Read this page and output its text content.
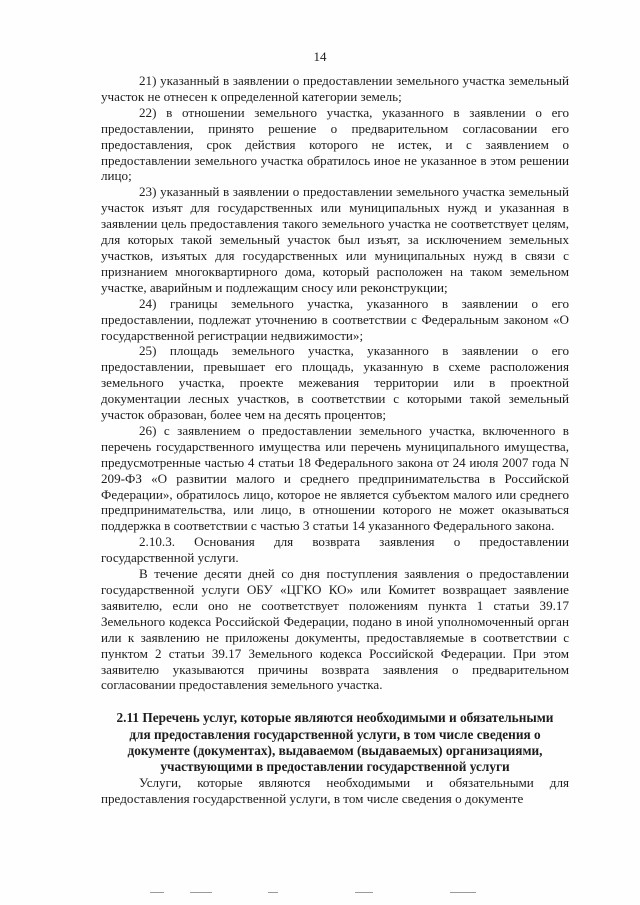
14

21) указанный в заявлении о предоставлении земельного участка земельный участок не отнесен к определенной категории земель;

22) в отношении земельного участка, указанного в заявлении о его предоставлении, принято решение о предварительном согласовании его предоставления, срок действия которого не истек, и с заявлением о предоставлении земельного участка обратилось иное не указанное в этом решении лицо;

23) указанный в заявлении о предоставлении земельного участка земельный участок изъят для государственных или муниципальных нужд и указанная в заявлении цель предоставления такого земельного участка не соответствует целям, для которых такой земельный участок был изъят, за исключением земельных участков, изъятых для государственных или муниципальных нужд в связи с признанием многоквартирного дома, который расположен на таком земельном участке, аварийным и подлежащим сносу или реконструкции;

24) границы земельного участка, указанного в заявлении о его предоставлении, подлежат уточнению в соответствии с Федеральным законом «О государственной регистрации недвижимости»;

25) площадь земельного участка, указанного в заявлении о его предоставлении, превышает его площадь, указанную в схеме расположения земельного участка, проекте межевания территории или в проектной документации лесных участков, в соответствии с которыми такой земельный участок образован, более чем на десять процентов;

26) с заявлением о предоставлении земельного участка, включенного в перечень государственного имущества или перечень муниципального имущества, предусмотренные частью 4 статьи 18 Федерального закона от 24 июля 2007 года N 209-ФЗ «О развитии малого и среднего предпринимательства в Российской Федерации», обратилось лицо, которое не является субъектом малого или среднего предпринимательства, или лицо, в отношении которого не может оказываться поддержка в соответствии с частью 3 статьи 14 указанного Федерального закона.

2.10.3. Основания для возврата заявления о предоставлении государственной услуги.

В течение десяти дней со дня поступления заявления о предоставлении государственной услуги ОБУ «ЦГКО КО» или Комитет возвращает заявление заявителю, если оно не соответствует положениям пункта 1 статьи 39.17 Земельного кодекса Российской Федерации, подано в иной уполномоченный орган или к заявлению не приложены документы, предоставляемые в соответствии с пунктом 2 статьи 39.17 Земельного кодекса Российской Федерации. При этом заявителю указываются причины возврата заявления о предварительном согласовании предоставления земельного участка.

2.11 Перечень услуг, которые являются необходимыми и обязательными
для предоставления государственной услуги, в том числе сведения о
документе (документах), выдаваемом (выдаваемых) организациями,
участвующими в предоставлении государственной услуги

Услуги, которые являются необходимыми и обязательными для предоставления государственной услуги, в том числе сведения о документе
